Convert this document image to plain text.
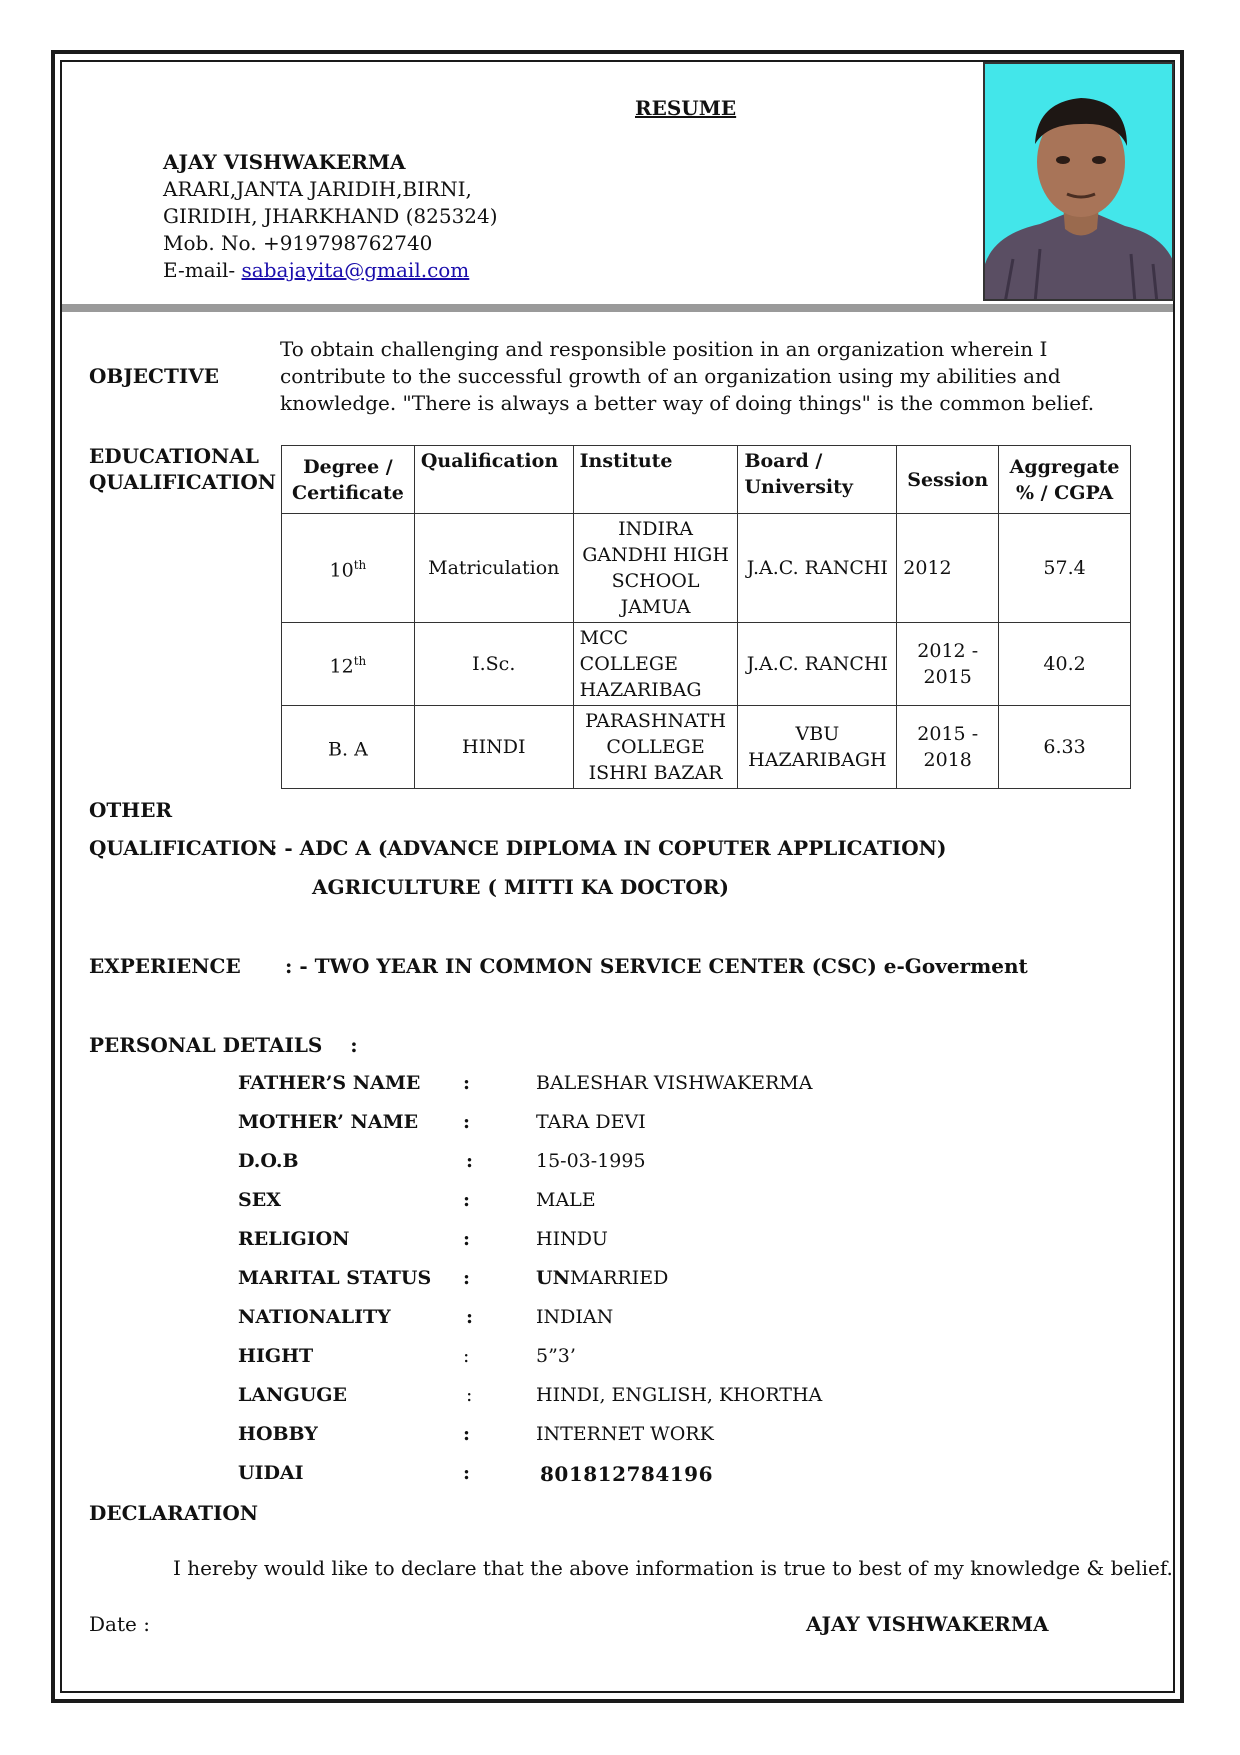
RESUME
AJAY VISHWAKERMA
ARARI,JANTA JARIDIH,BIRNI,
GIRIDIH, JHARKHAND (825324)
Mob. No. +919798762740
E-mail- sabajayita@gmail.com
OBJECTIVE
To obtain challenging and responsible position in an organization wherein I contribute to the successful growth of an organization using my abilities and knowledge. "There is always a better way of doing things" is the common belief.
EDUCATIONAL
QUALIFICATION
Degree / Certificate	Qualification	Institute	Board / University	Session	Aggregate % / CGPA
10th	Matriculation	INDIRA GANDHI HIGH SCHOOL JAMUA	J.A.C. RANCHI	2012	57.4
12th	I.Sc.	MCC COLLEGE HAZARIBAG	J.A.C. RANCHI	2012 - 2015	40.2
B. A	HINDI	PARASHNATH COLLEGE ISHRI BAZAR	VBU HAZARIBAGH	2015 - 2018	6.33
OTHER
QUALIFICATION
: - ADC A (ADVANCE DIPLOMA IN COPUTER APPLICATION)
AGRICULTURE ( MITTI KA DOCTOR)
EXPERIENCE : - TWO YEAR IN COMMON SERVICE CENTER (CSC) e-Goverment
PERSONAL DETAILS    :
FATHER’S NAME :	BALESHAR VISHWAKERMA
MOTHER’ NAME :	TARA DEVI
D.O.B	:	15-03-1995
SEX	:	MALE
RELIGION	:	HINDU
MARITAL STATUS :	UNMARRIED
NATIONALITY	:	INDIAN
HIGHT	:	5”3’
LANGUGE	:	HINDI, ENGLISH, KHORTHA
HOBBY	:	INTERNET WORK
UIDAI	:	801812784196
DECLARATION
I hereby would like to declare that the above information is true to best of my knowledge & belief.
Date :	AJAY VISHWAKERMA
